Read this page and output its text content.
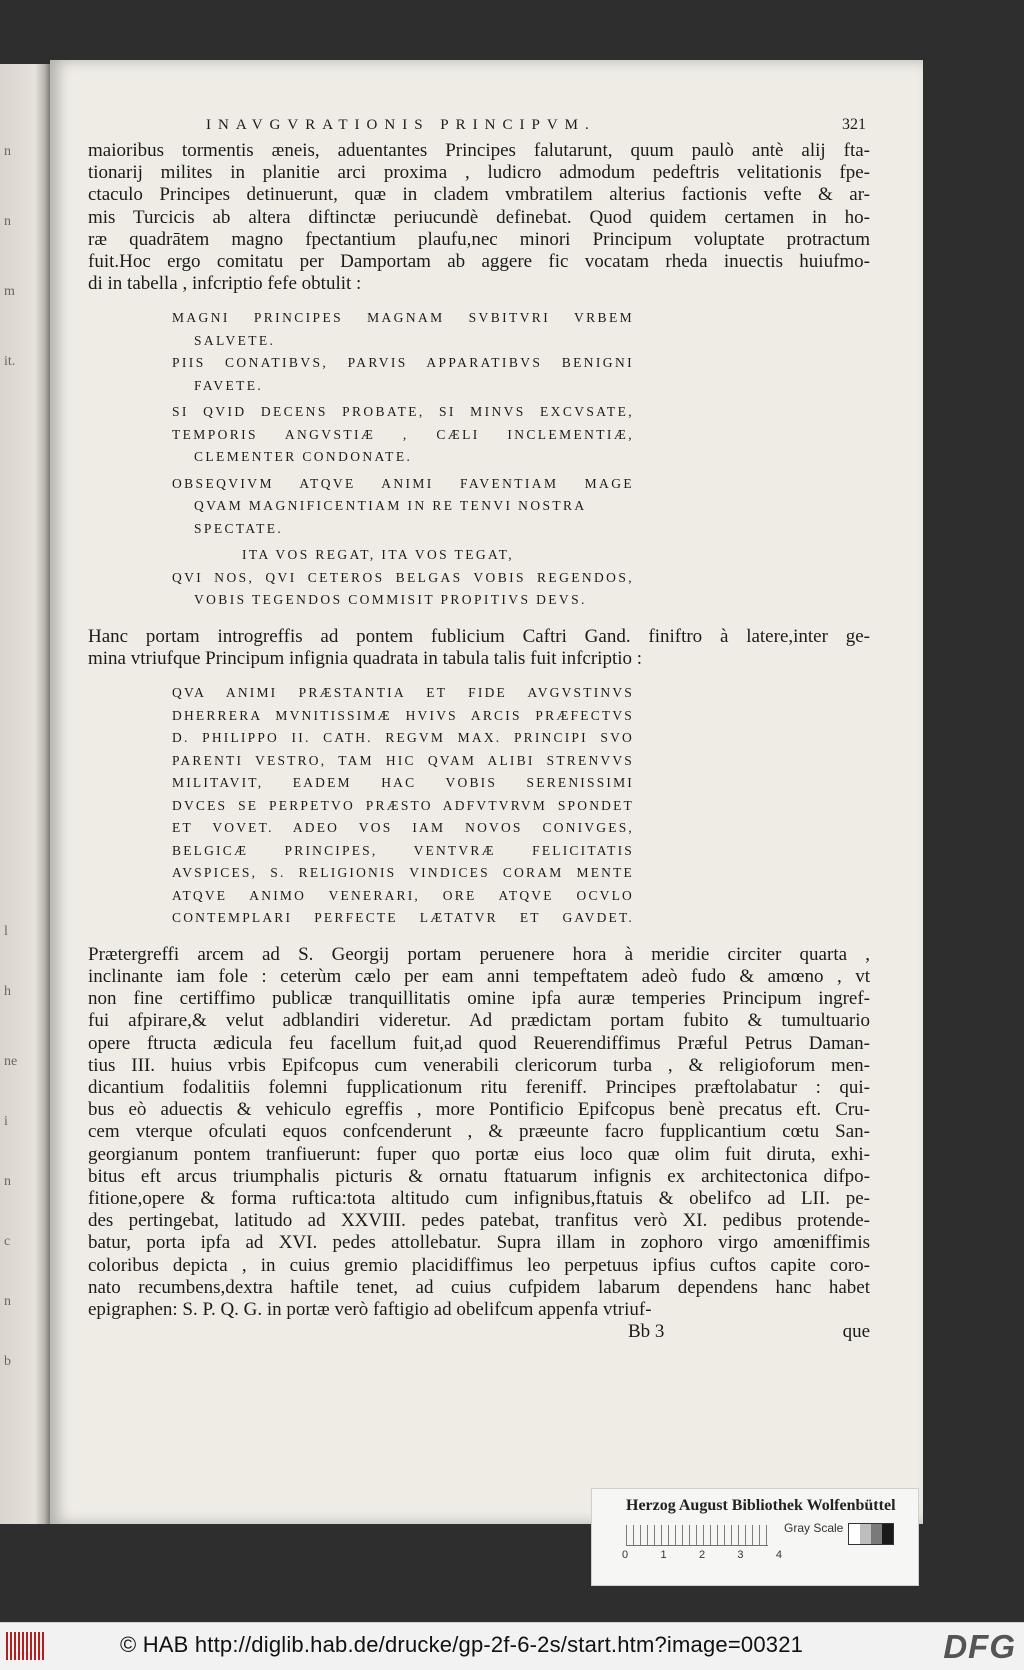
n
n
m
it.
l
h
ne
i
n
c
n
b
INAVGVRATIONIS PRINCIPVM.	321
maioribus tormentis æneis, aduentantes Principes falutarunt, quum paulò antè alij fta-
tionarij milites in planitie arci proxima , ludicro admodum pedeftris velitationis fpe-
ctaculo Principes detinuerunt, quæ in cladem vmbratilem alterius factionis vefte & ar-
mis Turcicis ab altera diftinctæ periucundè definebat. Quod quidem certamen in ho-
ræ quadrātem magno fpectantium plaufu,nec minori Principum voluptate protractum
fuit.Hoc ergo comitatu per Damportam ab aggere fic vocatam rheda inuectis huiufmo-
di in tabella , infcriptio fefe obtulit :
MAGNI PRINCIPES MAGNAM SVBITVRI VRBEM
SALVETE.
PIIS CONATIBVS, PARVIS APPARATIBVS BENIGNI
FAVETE.
SI QVID DECENS PROBATE, SI MINVS EXCVSATE,
TEMPORIS ANGVSTIÆ , CÆLI INCLEMENTIÆ,
CLEMENTER CONDONATE.
OBSEQVIVM ATQVE ANIMI FAVENTIAM MAGE
QVAM MAGNIFICENTIAM IN RE TENVI NOSTRA
SPECTATE.
ITA VOS REGAT, ITA VOS TEGAT,
QVI NOS, QVI CETEROS BELGAS VOBIS REGENDOS,
VOBIS TEGENDOS COMMISIT PROPITIVS DEVS.
Hanc portam introgreffis ad pontem fublicium Caftri Gand. finiftro à latere,inter ge-
mina vtriufque Principum infignia quadrata in tabula talis fuit infcriptio :
QVA ANIMI PRÆSTANTIA ET FIDE AVGVSTINVS
DHERRERA MVNITISSIMÆ HVIVS ARCIS PRÆFECTVS
D. PHILIPPO II. CATH. REGVM MAX. PRINCIPI SVO
PARENTI VESTRO, TAM HIC QVAM ALIBI STRENVVS
MILITAVIT, EADEM HAC VOBIS SERENISSIMI
DVCES SE PERPETVO PRÆSTO ADFVTVRVM SPONDET
ET VOVET. ADEO VOS IAM NOVOS CONIVGES,
BELGICÆ PRINCIPES, VENTVRÆ FELICITATIS
AVSPICES, S. RELIGIONIS VINDICES CORAM MENTE
ATQVE ANIMO VENERARI, ORE ATQVE OCVLO
CONTEMPLARI PERFECTE LÆTATVR ET GAVDET.
Prætergreffi arcem ad S. Georgij portam peruenere hora à meridie circiter quarta ,
inclinante iam fole : ceterùm cælo per eam anni tempeftatem adeò fudo & amœno , vt
non fine certiffimo publicæ tranquillitatis omine ipfa auræ temperies Principum ingref-
fui afpirare,& velut adblandiri videretur. Ad prædictam portam fubito & tumultuario
opere ftructa ædicula feu facellum fuit,ad quod Reuerendiffimus Præful Petrus Daman-
tius III. huius vrbis Epifcopus cum venerabili clericorum turba , & religioforum men-
dicantium fodalitiis folemni fupplicationum ritu fereniff. Principes præftolabatur : qui-
bus eò aduectis & vehiculo egreffis , more Pontificio Epifcopus benè precatus eft. Cru-
cem vterque ofculati equos confcenderunt , & præeunte facro fupplicantium cœtu San-
georgianum pontem tranfiuerunt: fuper quo portæ eius loco quæ olim fuit diruta, exhi-
bitus eft arcus triumphalis picturis & ornatu ftatuarum infignis ex architectonica difpo-
fitione,opere & forma ruftica:tota altitudo cum infignibus,ftatuis & obelifco ad LII. pe-
des pertingebat, latitudo ad XXVIII. pedes patebat, tranfitus verò XI. pedibus protende-
batur, porta ipfa ad XVI. pedes attollebatur. Supra illam in zophoro virgo amœniffimis
coloribus depicta , in cuius gremio placidiffimus leo perpetuus ipfius cuftos capite coro-
nato recumbens,dextra haftile tenet, ad cuius cufpidem labarum dependens hanc habet
epigraphen: S. P. Q. G. in portæ verò faftigio ad obelifcum appenfa vtriuf-
Bb 3	que
Herzog August Bibliothek Wolfenbüttel
0	1	2	3	4
Gray Scale
© HAB http://diglib.hab.de/drucke/gp-2f-6-2s/start.htm?image=00321	DFG
